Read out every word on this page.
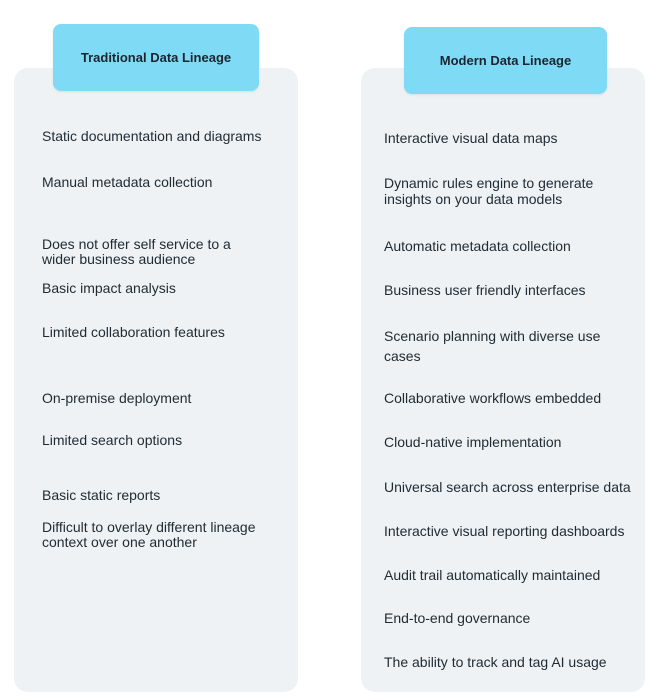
Traditional Data Lineage	Modern Data Lineage
Static documentation and diagrams
Manual metadata collection
Does not offer self service to a
wider business audience
Basic impact analysis
Limited collaboration features
On-premise deployment
Limited search options
Basic static reports
Difficult to overlay different lineage
context over one another
Interactive visual data maps
Dynamic rules engine to generate
insights on your data models
Automatic metadata collection
Business user friendly interfaces
Scenario planning with diverse use
cases
Collaborative workflows embedded
Cloud-native implementation
Universal search across enterprise data
Interactive visual reporting dashboards
Audit trail automatically maintained
End-to-end governance
The ability to track and tag AI usage
